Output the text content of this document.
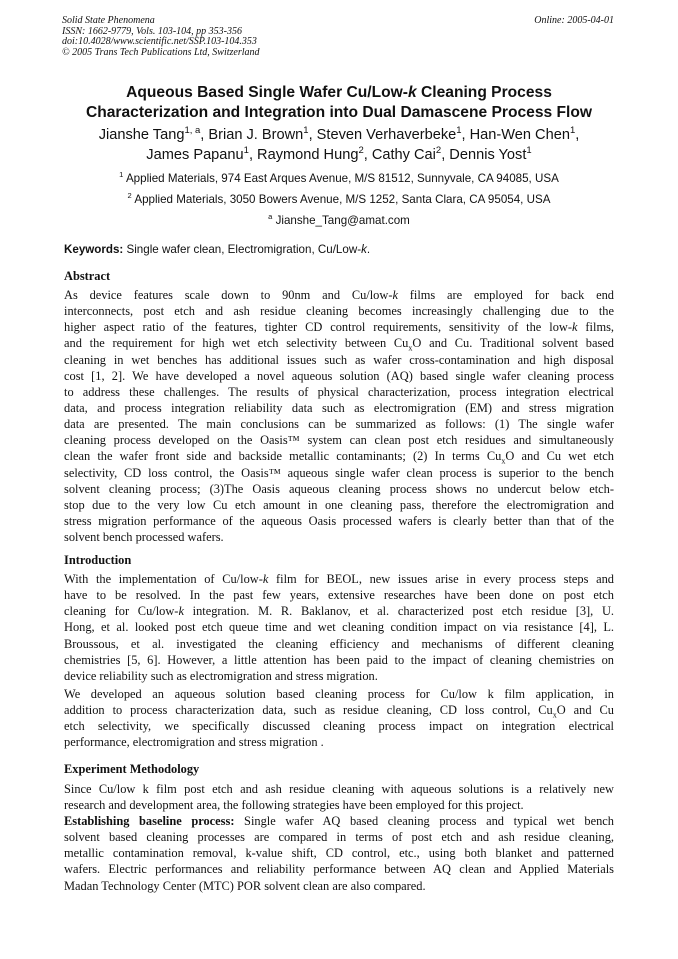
Solid State Phenomena
ISSN: 1662-9779, Vols. 103-104, pp 353-356
doi:10.4028/www.scientific.net/SSP.103-104.353
© 2005 Trans Tech Publications Ltd, Switzerland
Online: 2005-04-01
Aqueous Based Single Wafer Cu/Low-k Cleaning Process
Characterization and Integration into Dual Damascene Process Flow
Jianshe Tang$^{1, a}$, Brian J. Brown$^1$, Steven Verhaverbeke$^1$, Han-Wen Chen$^1$,
James Papanu$^1$, Raymond Hung$^2$, Cathy Cai$^2$, Dennis Yost$^1$
$^1$ Applied Materials, 974 East Arques Avenue, M/S 81512, Sunnyvale, CA 94085, USA
$^2$ Applied Materials, 3050 Bowers Avenue, M/S 1252, Santa Clara, CA 95054, USA
$^a$ Jianshe_Tang@amat.com
Keywords: Single wafer clean, Electromigration, Cu/Low-k.
Abstract
As device features scale down to 90nm and Cu/low-k films are employed for back end
interconnects, post etch and ash residue cleaning becomes increasingly challenging due to the
higher aspect ratio of the features, tighter CD control requirements, sensitivity of the low-k films,
and the requirement for high wet etch selectivity between $Cu_xO$ and Cu. Traditional solvent based
cleaning in wet benches has additional issues such as wafer cross-contamination and high disposal
cost [1, 2]. We have developed a novel aqueous solution (AQ) based single wafer cleaning process
to address these challenges. The results of physical characterization, process integration electrical
data, and process integration reliability data such as electromigration (EM) and stress migration
data are presented. The main conclusions can be summarized as follows: (1) The single wafer
cleaning process developed on the Oasis™ system can clean post etch residues and simultaneously
clean the wafer front side and backside metallic contaminants; (2) In terms $Cu_xO$ and Cu wet etch
selectivity, CD loss control, the Oasis™ aqueous single wafer clean process is superior to the bench
solvent cleaning process; (3)The Oasis aqueous cleaning process shows no undercut below etch-
stop due to the very low Cu etch amount in one cleaning pass, therefore the electromigration and
stress migration performance of the aqueous Oasis processed wafers is clearly better than that of the
solvent bench processed wafers.
Introduction
With the implementation of Cu/low-k film for BEOL, new issues arise in every process steps and
have to be resolved. In the past few years, extensive researches have been done on post etch
cleaning for Cu/low-k integration. M. R. Baklanov, et al. characterized post etch residue [3], U.
Hong, et al. looked post etch queue time and wet cleaning condition impact on via resistance [4], L.
Broussous, et al. investigated the cleaning efficiency and mechanisms of different cleaning
chemistries [5, 6]. However, a little attention has been paid to the impact of cleaning chemistries on
device reliability such as electromigration and stress migration.
We developed an aqueous solution based cleaning process for Cu/low k film application, in
addition to process characterization data, such as residue cleaning, CD loss control, $Cu_xO$ and Cu
etch selectivity, we specifically discussed cleaning process impact on integration electrical
performance, electromigration and stress migration .
Experiment Methodology
Since Cu/low k film post etch and ash residue cleaning with aqueous solutions is a relatively new
research and development area, the following strategies have been employed for this project.
Establishing baseline process: Single wafer AQ based cleaning process and typical wet bench
solvent based cleaning processes are compared in terms of post etch and ash residue cleaning,
metallic contamination removal, k-value shift, CD control, etc., using both blanket and patterned
wafers. Electric performances and reliability performance between AQ clean and Applied Materials
Madan Technology Center (MTC) POR solvent clean are also compared.
